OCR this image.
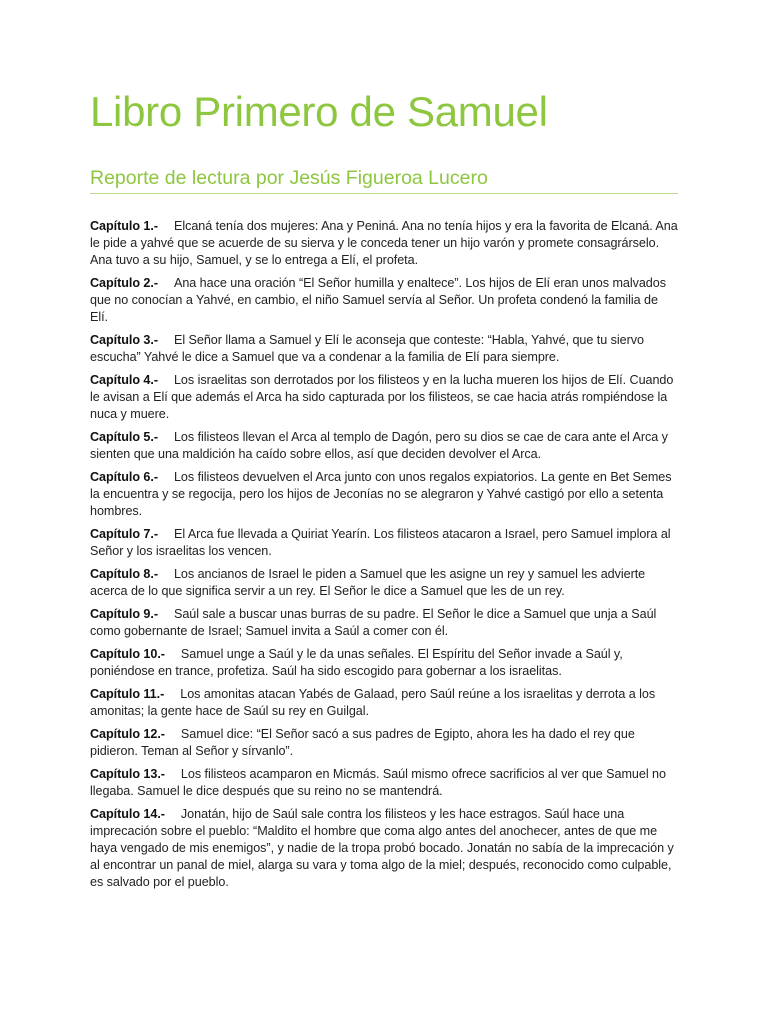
Libro Primero de Samuel
Reporte de lectura por Jesús Figueroa Lucero

Capítulo 1.- Elcaná tenía dos mujeres: Ana y Peniná. Ana no tenía hijos y era la favorita de Elcaná. Ana le pide a yahvé que se acuerde de su sierva y le conceda tener un hijo varón y promete consagrárselo. Ana tuvo a su hijo, Samuel, y se lo entrega a Elí, el profeta.

Capítulo 2.- Ana hace una oración “El Señor humilla y enaltece”. Los hijos de Elí eran unos malvados que no conocían a Yahvé, en cambio, el niño Samuel servía al Señor. Un profeta condenó la familia de Elí.

Capítulo 3.- El Señor llama a Samuel y Elí le aconseja que conteste: “Habla, Yahvé, que tu siervo escucha” Yahvé le dice a Samuel que va a condenar a la familia de Elí para siempre.

Capítulo 4.- Los israelitas son derrotados por los filisteos y en la lucha mueren los hijos de Elí. Cuando le avisan a Elí que además el Arca ha sido capturada por los filisteos, se cae hacia atrás rompiéndose la nuca y muere.

Capítulo 5.- Los filisteos llevan el Arca al templo de Dagón, pero su dios se cae de cara ante el Arca y sienten que una maldición ha caído sobre ellos, así que deciden devolver el Arca.

Capítulo 6.- Los filisteos devuelven el Arca junto con unos regalos expiatorios. La gente en Bet Semes la encuentra y se regocija, pero los hijos de Jeconías no se alegraron y Yahvé castigó por ello a setenta hombres.

Capítulo 7.- El Arca fue llevada a Quiriat Yearín. Los filisteos atacaron a Israel, pero Samuel implora al Señor y los israelitas los vencen.

Capítulo 8.- Los ancianos de Israel le piden a Samuel que les asigne un rey y samuel les advierte acerca de lo que significa servir a un rey. El Señor le dice a Samuel que les de un rey.

Capítulo 9.- Saúl sale a buscar unas burras de su padre. El Señor le dice a Samuel que unja a Saúl como gobernante de Israel; Samuel invita a Saúl a comer con él.

Capítulo 10.- Samuel unge a Saúl y le da unas señales. El Espíritu del Señor invade a Saúl y, poniéndose en trance, profetiza. Saúl ha sido escogido para gobernar a los israelitas.

Capítulo 11.- Los amonitas atacan Yabés de Galaad, pero Saúl reúne a los israelitas y derrota a los amonitas; la gente hace de Saúl su rey en Guilgal.

Capítulo 12.- Samuel dice: “El Señor sacó a sus padres de Egipto, ahora les ha dado el rey que pidieron. Teman al Señor y sírvanlo”.

Capítulo 13.- Los filisteos acamparon en Micmás. Saúl mismo ofrece sacrificios al ver que Samuel no llegaba. Samuel le dice después que su reino no se mantendrá.

Capítulo 14.- Jonatán, hijo de Saúl sale contra los filisteos y les hace estragos. Saúl hace una imprecación sobre el pueblo: “Maldito el hombre que coma algo antes del anochecer, antes de que me haya vengado de mis enemigos”, y nadie de la tropa probó bocado. Jonatán no sabía de la imprecación y al encontrar un panal de miel, alarga su vara y toma algo de la miel; después, reconocido como culpable, es salvado por el pueblo.
